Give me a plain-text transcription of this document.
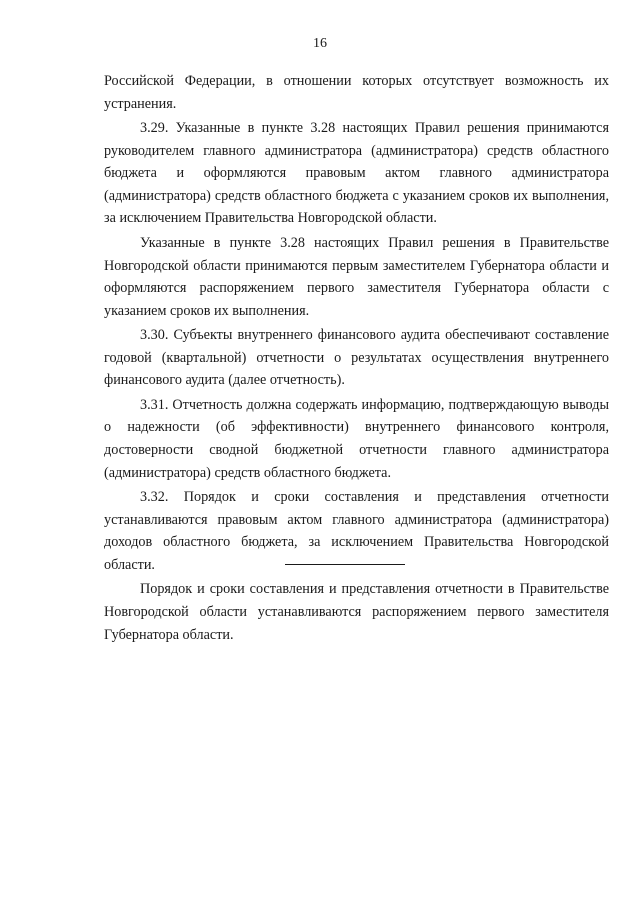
16

Российской Федерации, в отношении которых отсутствует возможность их устранения.

3.29. Указанные в пункте 3.28 настоящих Правил решения принимаются руководителем главного администратора (администратора) средств областного бюджета и оформляются правовым актом главного администратора (администратора) средств областного бюджета с указанием сроков их выполнения, за исключением Правительства Новгородской области.

Указанные в пункте 3.28 настоящих Правил решения в Правительстве Новгородской области принимаются первым заместителем Губернатора области и оформляются распоряжением первого заместителя Губернатора области с указанием сроков их выполнения.

3.30. Субъекты внутреннего финансового аудита обеспечивают составление годовой (квартальной) отчетности о результатах осуществления внутреннего финансового аудита (далее отчетность).

3.31. Отчетность должна содержать информацию, подтверждающую выводы о надежности (об эффективности) внутреннего финансового контроля, достоверности сводной бюджетной отчетности главного администратора (администратора) средств областного бюджета.

3.32. Порядок и сроки составления и представления отчетности устанавливаются правовым актом главного администратора (администратора) доходов областного бюджета, за исключением Правительства Новгородской области.

Порядок и сроки составления и представления отчетности в Правительстве Новгородской области устанавливаются распоряжением первого заместителя Губернатора области.
